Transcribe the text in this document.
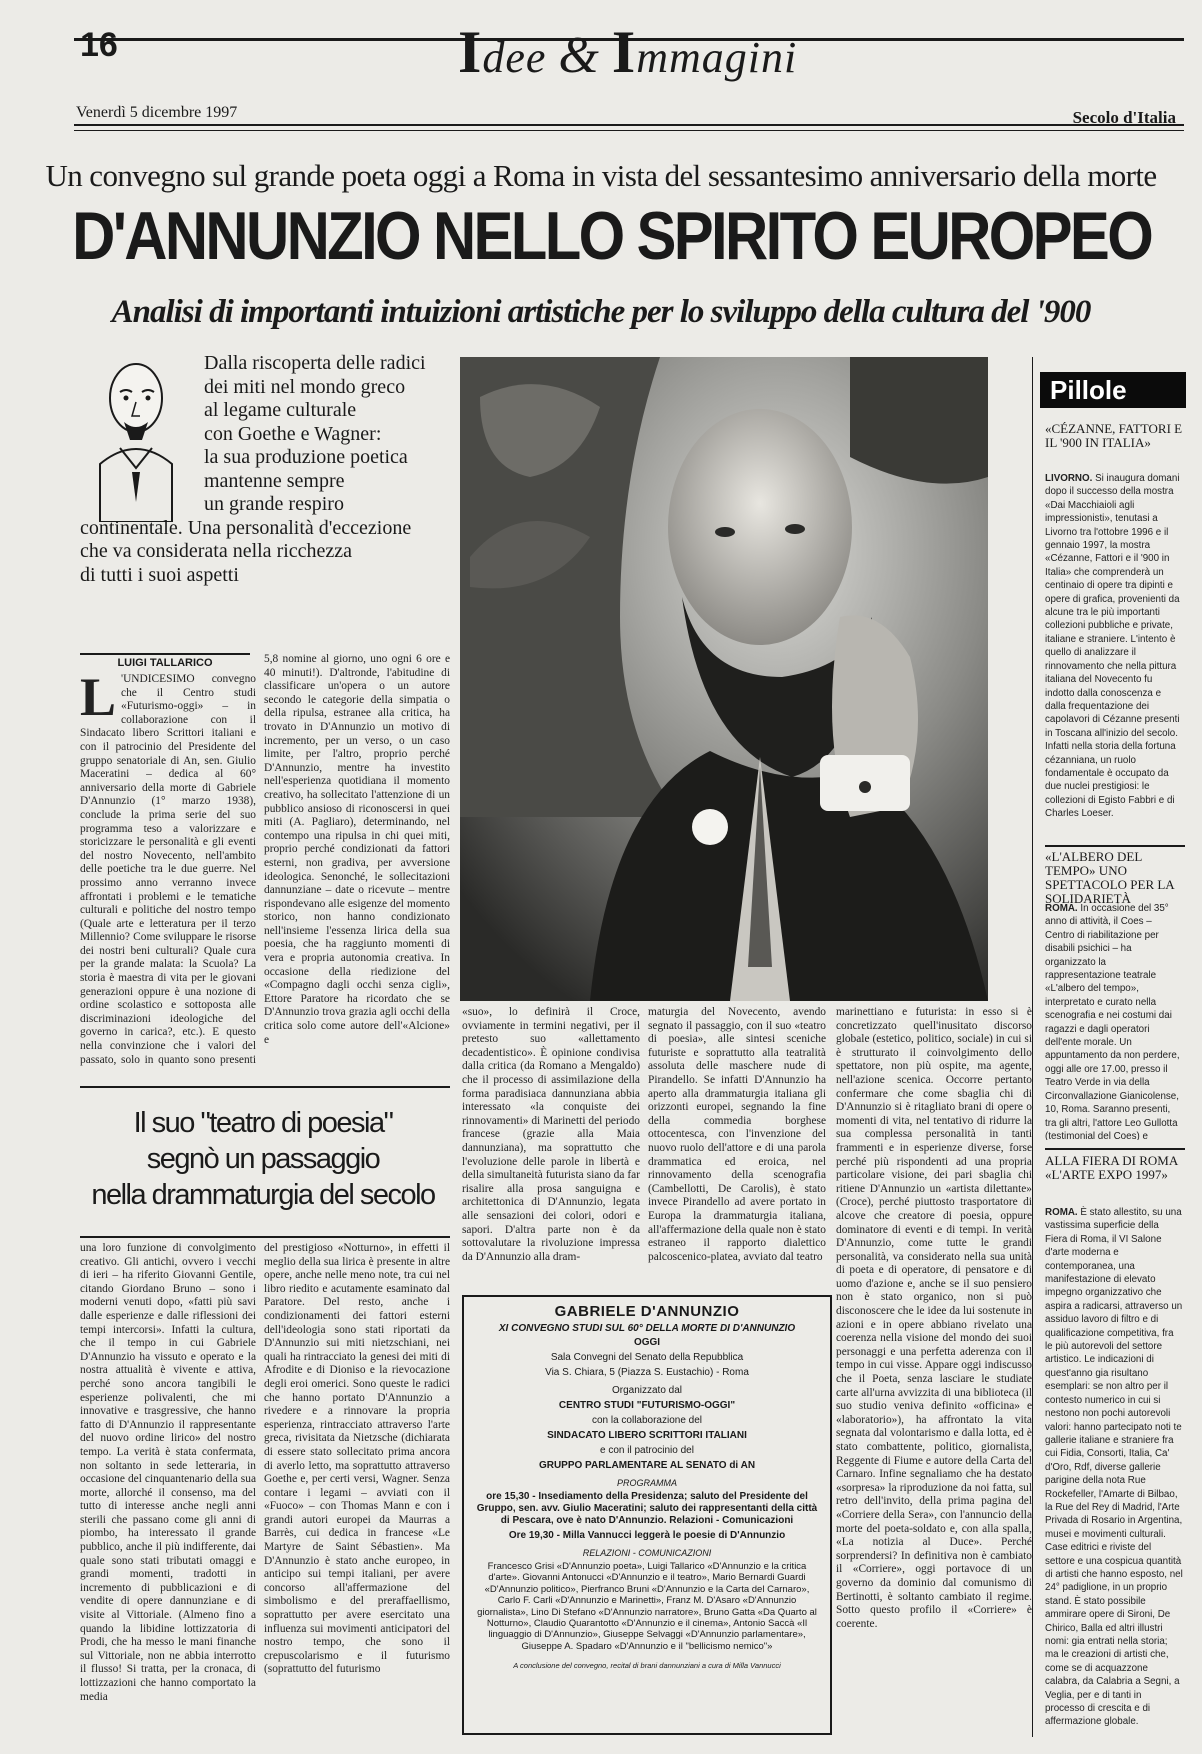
16	Idee & Immagini
Venerdì 5 dicembre 1997	Secolo d'Italia
Un convegno sul grande poeta oggi a Roma in vista del sessantesimo anniversario della morte
D'ANNUNZIO NELLO SPIRITO EUROPEO
Analisi di importanti intuizioni artistiche per lo sviluppo della cultura del '900
Dalla riscoperta delle radici
dei miti nel mondo greco
al legame culturale
con Goethe e Wagner:
la sua produzione poetica
mantenne sempre
un grande respiro
continentale. Una personalità d'eccezione
che va considerata nella ricchezza
di tutti i suoi aspetti
LUIGI TALLARICO
L 'UNDICESIMO convegno che il Centro studi «Futurismo-oggi» – in collaborazione con il Sindacato libero Scrittori italiani e con il patrocinio del Presidente del gruppo senatoriale di An, sen. Giulio Maceratini – dedica al 60° anniversario della morte di Gabriele D'Annunzio (1° marzo 1938), conclude la prima serie del suo programma teso a valorizzare e storicizzare le personalità e gli eventi del nostro Novecento, nell'ambito delle poetiche tra le due guerre. Nel prossimo anno verranno invece affrontati i problemi e le tematiche culturali e politiche del nostro tempo (Quale arte e letteratura per il terzo Millennio? Come sviluppare le risorse dei nostri beni culturali? Quale cura per la grande malata: la Scuola? La storia è maestra di vita per le giovani generazioni oppure è una nozione di ordine scolastico e sottoposta alle discriminazioni ideologiche del governo in carica?, etc.). E questo nella convinzione che i valori del passato, solo in quanto sono presenti
5,8 nomine al giorno, uno ogni 6 ore e 40 minuti!). D'altronde, l'abitudine di classificare un'opera o un autore secondo le categorie della simpatia o della ripulsa, estranee alla critica, ha trovato in D'Annunzio un motivo di incremento, per un verso, o un caso limite, per l'altro, proprio perché D'Annunzio, mentre ha investito nell'esperienza quotidiana il momento creativo, ha sollecitato l'attenzione di un pubblico ansioso di riconoscersi in quei miti (A. Pagliaro), determinando, nel contempo una ripulsa in chi quei miti, proprio perché condizionati da fattori esterni, non gradiva, per avversione ideologica. Senonché, le sollecitazioni dannunziane – date o ricevute – mentre rispondevano alle esigenze del momento storico, non hanno condizionato nell'insieme l'essenza lirica della sua poesia, che ha raggiunto momenti di vera e propria autonomia creativa. In occasione della riedizione del «Compagno dagli occhi senza cigli», Ettore Paratore ha ricordato che se D'Annunzio trova grazia agli occhi della critica solo come autore dell'«Alcione» e
«suo», lo definirà il Croce, ovviamente in termini negativi, per il pretesto suo «allettamento decadentistico». È opinione condivisa dalla critica (da Romano a Mengaldo) che il processo di assimilazione della forma paradisiaca dannunziana abbia interessato «la conquiste dei rinnovamenti» di Marinetti del periodo francese (grazie alla Maia dannunziana), ma soprattutto che l'evoluzione delle parole in libertà e della simultaneità futurista siano da far risalire alla prosa sanguigna e architettonica di D'Annunzio, legata alle sensazioni dei colori, odori e sapori. D'altra parte non è da sottovalutare la rivoluzione impressa da D'Annunzio alla dram-
maturgia del Novecento, avendo segnato il passaggio, con il suo «teatro di poesia», alle sintesi sceniche futuriste e soprattutto alla teatralità assoluta delle maschere nude di Pirandello. Se infatti D'Annunzio ha aperto alla drammaturgia italiana gli orizzonti europei, segnando la fine della commedia borghese ottocentesca, con l'invenzione del nuovo ruolo dell'attore e di una parola drammatica ed eroica, nel rinnovamento della scenografia (Cambellotti, De Carolis), è stato invece Pirandello ad avere portato in Europa la drammaturgia italiana, all'affermazione della quale non è stato estraneo il rapporto dialettico palcoscenico-platea, avviato dal teatro
marinettiano e futurista: in esso si è concretizzato quell'inusitato discorso globale (estetico, politico, sociale) in cui si è strutturato il coinvolgimento dello spettatore, non più ospite, ma agente, nell'azione scenica. Occorre pertanto confermare che come sbaglia chi di D'Annunzio si è ritagliato brani di opere o momenti di vita, nel tentativo di ridurre la sua complessa personalità in tanti frammenti e in esperienze diverse, forse perché più rispondenti ad una propria particolare visione, dei pari sbaglia chi ritiene D'Annunzio un «artista dilettante» (Croce), perché piuttosto trasportatore di alcove che creatore di poesia, oppure dominatore di eventi e di tempi. In verità D'Annunzio, come tutte le grandi personalità, va considerato nella sua unità di poeta e di operatore, di pensatore e di uomo d'azione e, anche se il suo pensiero non è stato organico, non si può disconoscere che le idee da lui sostenute in azioni e in opere abbiano rivelato una coerenza nella visione del mondo dei suoi personaggi e una perfetta aderenza con il tempo in cui visse. Appare oggi indiscusso che il Poeta, senza lasciare le studiate carte all'urna avvizzita di una biblioteca (il suo studio veniva definito «officina» e «laboratorio»), ha affrontato la vita segnata dal volontarismo e dalla lotta, ed è stato combattente, politico, giornalista, Reggente di Fiume e autore della Carta del Carnaro. Infine segnaliamo che ha destato «sorpresa» la riproduzione da noi fatta, sul retro dell'invito, della prima pagina del «Corriere della Sera», con l'annuncio della morte del poeta-soldato e, con alla spalla, «La notizia al Duce». Perché sorprendersi? In definitiva non è cambiato il «Corriere», oggi portavoce di un governo da dominio dal comunismo di Bertinotti, è soltanto cambiato il regime. Sotto questo profilo il «Corriere» è coerente.
Il suo "teatro di poesia"
segnò un passaggio
nella drammaturgia del secolo
una loro funzione di convolgimento creativo. Gli antichi, ovvero i vecchi di ieri – ha riferito Giovanni Gentile, citando Giordano Bruno – sono i moderni venuti dopo, «fatti più savi dalle esperienze e dalle riflessioni dei tempi intercorsi». Infatti la cultura, che il tempo in cui Gabriele D'Annunzio ha vissuto e operato e la nostra attualità è vivente e attiva, perché sono ancora tangibili le esperienze polivalenti, che mi innovative e trasgressive, che hanno fatto di D'Annunzio il rappresentante del nuovo ordine lirico» del nostro tempo. La verità è stata confermata, non soltanto in sede letteraria, in occasione del cinquantenario della sua morte, allorché il consenso, ma del tutto di interesse anche negli anni sterili che passano come gli anni di piombo, ha interessato il grande pubblico, anche il più indifferente, dai quale sono stati tributati omaggi e grandi momenti, tradotti in incremento di pubblicazioni e di vendite di opere dannunziane e di visite al Vittoriale. (Almeno fino a quando la libidine lottizzatoria di Prodi, che ha messo le mani finanche sul Vittoriale, non ne abbia interrotto il flusso! Si tratta, per la cronaca, di lottizzazioni che hanno comportato la media
del prestigioso «Notturno», in effetti il meglio della sua lirica è presente in altre opere, anche nelle meno note, tra cui nel libro riedito e acutamente esaminato dal Paratore. Del resto, anche i condizionamenti dei fattori esterni dell'ideologia sono stati riportati da D'Annunzio sui miti nietzschiani, nei quali ha rintracciato la genesi dei miti di Afrodite e di Dioniso e la rievocazione degli eroi omerici. Sono queste le radici che hanno portato D'Annunzio a rivedere e a rinnovare la propria esperienza, rintracciato attraverso l'arte greca, rivisitata da Nietzsche (dichiarata di essere stato sollecitato prima ancora di averlo letto, ma soprattutto attraverso Goethe e, per certi versi, Wagner. Senza contare i legami – avviati con il «Fuoco» – con Thomas Mann e con i grandi autori europei da Maurras a Barrès, cui dedica in francese «Le Martyre de Saint Sébastien». Ma D'Annunzio è stato anche europeo, in anticipo sui tempi italiani, per avere concorso all'affermazione del simbolismo e del preraffaellismo, soprattutto per avere esercitato una influenza sui movimenti anticipatori del nostro tempo, che sono il crepuscolarismo e il futurismo (soprattutto del futurismo
GABRIELE D'ANNUNZIO
XI CONVEGNO STUDI SUL 60° DELLA MORTE DI D'ANNUNZIO

OGGI

Sala Convegni del Senato della Repubblica

Via S. Chiara, 5 (Piazza S. Eustachio) - Roma

Organizzato dal

CENTRO STUDI "FUTURISMO-OGGI"

con la collaborazione del

SINDACATO LIBERO SCRITTORI ITALIANI

e con il patrocinio del

GRUPPO PARLAMENTARE AL SENATO di AN

PROGRAMMA

ore 15,30 - Insediamento della Presidenza; saluto del Presidente del Gruppo, sen. avv. Giulio Maceratini; saluto dei rappresentanti della città di Pescara, ove è nato D'Annunzio. Relazioni - Comunicazioni

Ore 19,30 - Milla Vannucci leggerà le poesie di D'Annunzio

RELAZIONI - COMUNICAZIONI

Francesco Grisi «D'Annunzio poeta», Luigi Tallarico «D'Annunzio e la critica d'arte». Giovanni Antonucci «D'Annunzio e il teatro», Mario Bernardi Guardi «D'Annunzio politico», Pierfranco Bruni «D'Annunzio e la Carta del Carnaro», Carlo F. Carli «D'Annunzio e Marinetti», Franz M. D'Asaro «D'Annunzio giornalista», Lino Di Stefano «D'Annunzio narratore», Bruno Gatta «Da Quarto al Notturno», Claudio Quarantotto «D'Annunzio e il cinema», Antonio Saccà «Il linguaggio di D'Annunzio», Giuseppe Selvaggi «D'Annunzio parlamentare», Giuseppe A. Spadaro «D'Annunzio e il "bellicismo nemico"»

A conclusione del convegno, recital di brani dannunziani a cura di Milla Vannucci

Pillole
«CÉZANNE, FATTORI E IL '900 IN ITALIA»
LIVORNO. Si inaugura domani dopo il successo della mostra «Dai Macchiaioli agli impressionisti», tenutasi a Livorno tra l'ottobre 1996 e il gennaio 1997, la mostra «Cézanne, Fattori e il '900 in Italia» che comprenderà un centinaio di opere tra dipinti e opere di grafica, provenienti da alcune tra le più importanti collezioni pubbliche e private, italiane e straniere. L'intento è quello di analizzare il rinnovamento che nella pittura italiana del Novecento fu indotto dalla conoscenza e dalla frequentazione dei capolavori di Cézanne presenti in Toscana all'inizio del secolo. Infatti nella storia della fortuna cézanniana, un ruolo fondamentale è occupato da due nuclei prestigiosi: le collezioni di Egisto Fabbri e di Charles Loeser.
«L'ALBERO DEL TEMPO» UNO SPETTACOLO PER LA SOLIDARIETÀ
ROMA. In occasione del 35° anno di attività, il Coes – Centro di riabilitazione per disabili psichici – ha organizzato la rappresentazione teatrale «L'albero del tempo», interpretato e curato nella scenografia e nei costumi dai ragazzi e dagli operatori dell'ente morale. Un appuntamento da non perdere, oggi alle ore 17.00, presso il Teatro Verde in via della Circonvallazione Gianicolense, 10, Roma. Saranno presenti, tra gli altri, l'attore Leo Gullotta (testimonial del Coes) e
ALLA FIERA DI ROMA «L'ARTE EXPO 1997»
ROMA. È stato allestito, su una vastissima superficie della Fiera di Roma, il VI Salone d'arte moderna e contemporanea, una manifestazione di elevato impegno organizzativo che aspira a radicarsi, attraverso un assiduo lavoro di filtro e di qualificazione competitiva, fra le più autorevoli del settore artistico. Le indicazioni di quest'anno gia risultano esemplari: se non altro per il contesto numerico in cui si nestono non pochi autorevoli valori: hanno partecipato noti te gallerie italiane e straniere fra cui Fidia, Consorti, Italia, Ca' d'Oro, Rdf, diverse gallerie parigine della nota Rue Rockefeller, l'Amarte di Bilbao, la Rue del Rey di Madrid, l'Arte Privada di Rosario in Argentina, musei e movimenti culturali. Case editrici e riviste del settore e una cospicua quantità di artisti che hanno esposto, nel 24° padiglione, in un proprio stand. È stato possibile ammirare opere di Sironi, De Chirico, Balla ed altri illustri nomi: gia entrati nella storia; ma le creazioni di artisti che, come se di acquazzone calabra, da Calabria a Segni, a Veglia, per e di tanti in processo di crescita e di affermazione globale.
